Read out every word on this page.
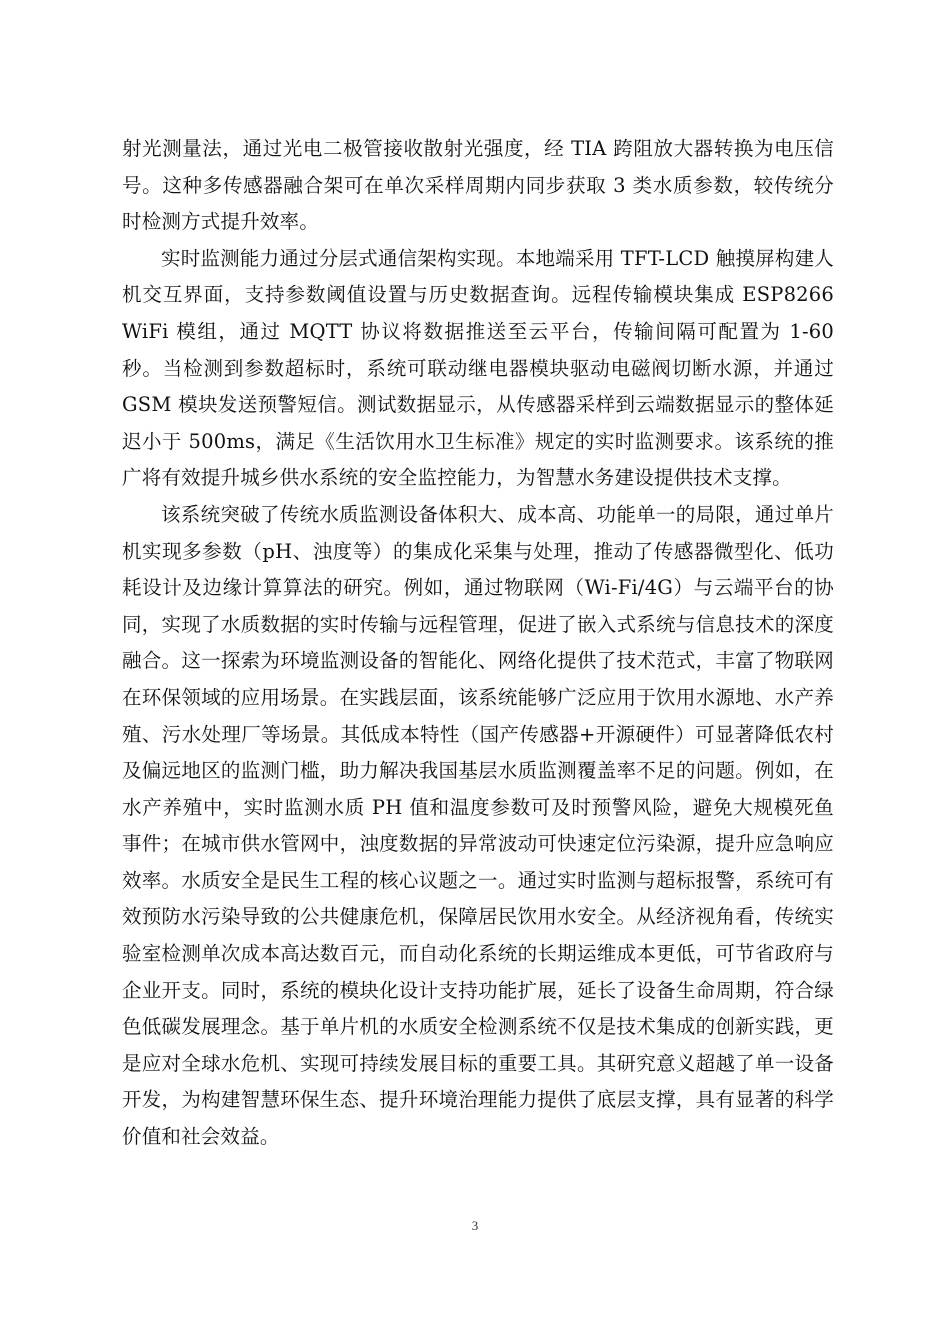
射光测量法，通过光电二极管接收散射光强度，经 TIA 跨阻放大器转换为电压信号。这种多传感器融合架可在单次采样周期内同步获取 3 类水质参数，较传统分时检测方式提升效率。

实时监测能力通过分层式通信架构实现。本地端采用 TFT-LCD 触摸屏构建人机交互界面，支持参数阈值设置与历史数据查询。远程传输模块集成 ESP8266 WiFi 模组，通过 MQTT 协议将数据推送至云平台，传输间隔可配置为 1-60 秒。当检测到参数超标时，系统可联动继电器模块驱动电磁阀切断水源，并通过 GSM 模块发送预警短信。测试数据显示，从传感器采样到云端数据显示的整体延迟小于 500ms，满足《生活饮用水卫生标准》规定的实时监测要求。该系统的推广将有效提升城乡供水系统的安全监控能力，为智慧水务建设提供技术支撑。

该系统突破了传统水质监测设备体积大、成本高、功能单一的局限，通过单片机实现多参数（pH、浊度等）的集成化采集与处理，推动了传感器微型化、低功耗设计及边缘计算算法的研究。例如，通过物联网（Wi-Fi/4G）与云端平台的协同，实现了水质数据的实时传输与远程管理，促进了嵌入式系统与信息技术的深度融合。这一探索为环境监测设备的智能化、网络化提供了技术范式，丰富了物联网在环保领域的应用场景。在实践层面，该系统能够广泛应用于饮用水源地、水产养殖、污水处理厂等场景。其低成本特性（国产传感器+开源硬件）可显著降低农村及偏远地区的监测门槛，助力解决我国基层水质监测覆盖率不足的问题。例如，在水产养殖中，实时监测水质 PH 值和温度参数可及时预警风险，避免大规模死鱼事件；在城市供水管网中，浊度数据的异常波动可快速定位污染源，提升应急响应效率。水质安全是民生工程的核心议题之一。通过实时监测与超标报警，系统可有效预防水污染导致的公共健康危机，保障居民饮用水安全。从经济视角看，传统实验室检测单次成本高达数百元，而自动化系统的长期运维成本更低，可节省政府与企业开支。同时，系统的模块化设计支持功能扩展，延长了设备生命周期，符合绿色低碳发展理念。基于单片机的水质安全检测系统不仅是技术集成的创新实践，更是应对全球水危机、实现可持续发展目标的重要工具。其研究意义超越了单一设备开发，为构建智慧环保生态、提升环境治理能力提供了底层支撑，具有显著的科学价值和社会效益。

3
